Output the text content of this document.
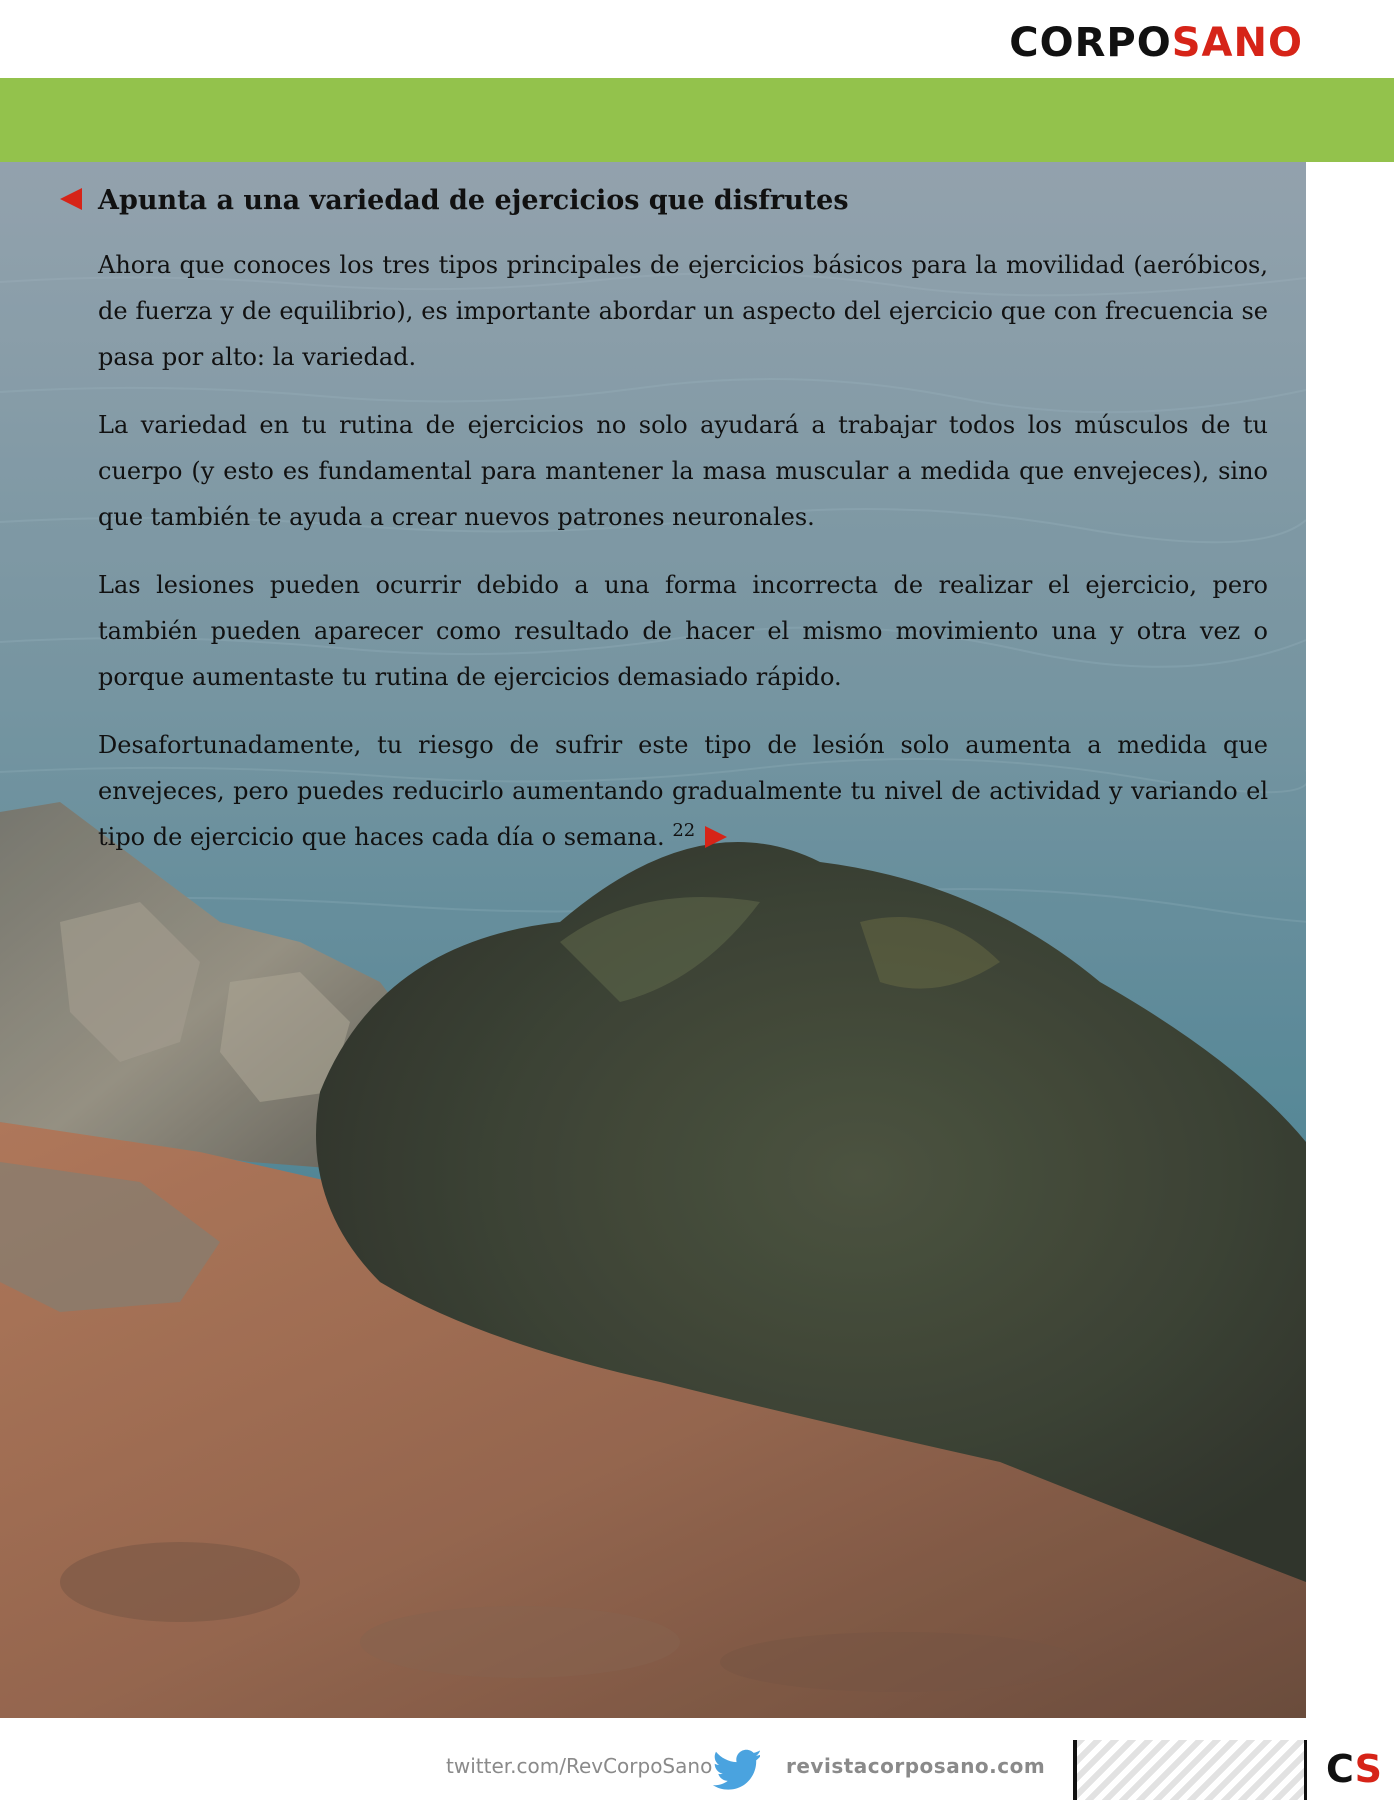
CORPOSANO
Apunta a una variedad de ejercicios que disfrutes

Ahora que conoces los tres tipos principales de ejercicios básicos para la movilidad (aeróbicos, de fuerza y de equilibrio), es importante abordar un aspecto del ejercicio que con frecuencia se pasa por alto: la variedad.

La variedad en tu rutina de ejercicios no solo ayudará a trabajar todos los músculos de tu cuerpo (y esto es fundamental para mantener la masa muscular a medida que envejeces), sino que también te ayuda a crear nuevos patrones neuronales.

Las lesiones pueden ocurrir debido a una forma incorrecta de realizar el ejercicio, pero también pueden aparecer como resultado de hacer el mismo movimiento una y otra vez o porque aumentaste tu rutina de ejercicios demasiado rápido.

Desafortunadamente, tu riesgo de sufrir este tipo de lesión solo aumenta a medida que envejeces, pero puedes reducirlo aumentando gradualmente tu nivel de actividad y variando el tipo de ejercicio que haces cada día o semana. $^{22}$

twitter.com/RevCorpoSano	revistacorposano.com	CS
